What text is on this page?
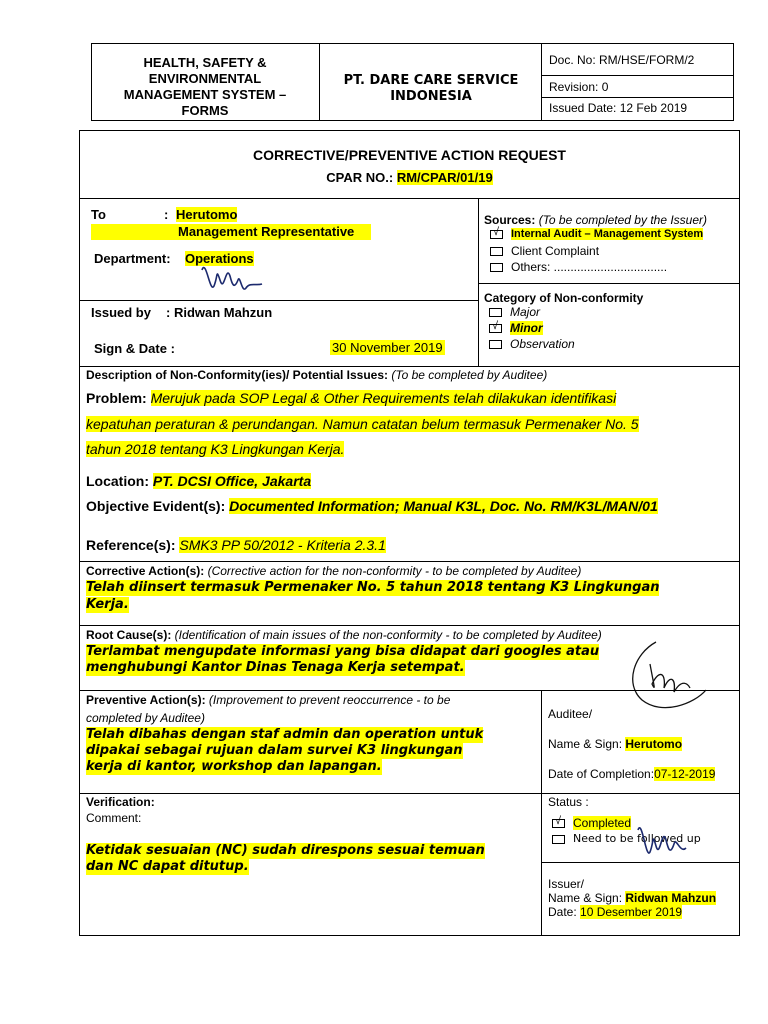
HEALTH, SAFETY & ENVIRONMENTAL MANAGEMENT SYSTEM – FORMS
PT. DARE CARE SERVICE INDONESIA
Doc. No: RM/HSE/FORM/2
Revision: 0
Issued Date: 12 Feb 2019
CORRECTIVE/PREVENTIVE ACTION REQUEST
CPAR NO.: RM/CPAR/01/19
To	: Herutomo
Management Representative
Department: Operations
Issued by : Ridwan Mahzun
Sign & Date :	30 November 2019
Sources: (To be completed by the Issuer)
√ Internal Audit – Management System
Client Complaint
Others: ..................................
Category of Non-conformity
Major
√ Minor
Observation
Description of Non-Conformity(ies)/ Potential Issues: (To be completed by Auditee)
Problem: Merujuk pada SOP Legal & Other Requirements telah dilakukan identifikasi
kepatuhan peraturan & perundangan. Namun catatan belum termasuk Permenaker No. 5
tahun 2018 tentang K3 Lingkungan Kerja.
Location: PT. DCSI Office, Jakarta
Objective Evident(s): Documented Information; Manual K3L, Doc. No. RM/K3L/MAN/01
Reference(s): SMK3 PP 50/2012 - Kriteria 2.3.1
Corrective Action(s): (Corrective action for the non-conformity - to be completed by Auditee)
Telah diinsert termasuk Permenaker No. 5 tahun 2018 tentang K3 Lingkungan
Kerja.
Root Cause(s): (Identification of main issues of the non-conformity - to be completed by Auditee)
Terlambat mengupdate informasi yang bisa didapat dari googles atau
menghubungi Kantor Dinas Tenaga Kerja setempat.
Preventive Action(s): (Improvement to prevent reoccurrence - to be
completed by Auditee)
Telah dibahas dengan staf admin dan operation untuk
dipakai sebagai rujuan dalam survei K3 lingkungan
kerja di kantor, workshop dan lapangan.
Auditee/
Name & Sign: Herutomo
Date of Completion:07-12-2019
Verification:
Comment:
Ketidak sesuaian (NC) sudah direspons sesuai temuan
dan NC dapat ditutup.
Status :
√ Completed
Need to be followed up
Issuer/
Name & Sign: Ridwan Mahzun
Date: 10 Desember 2019
